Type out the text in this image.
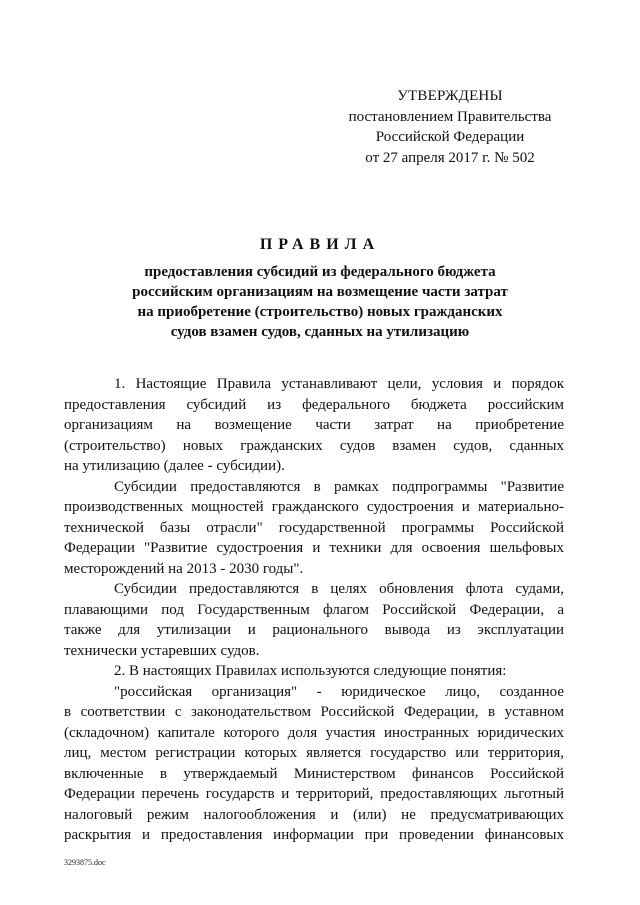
УТВЕРЖДЕНЫ
постановлением Правительства
Российской Федерации
от 27 апреля 2017 г. № 502
ПРАВИЛА
предоставления субсидий из федерального бюджета
российским организациям на возмещение части затрат
на приобретение (строительство) новых гражданских
судов взамен судов, сданных на утилизацию
1. Настоящие Правила устанавливают цели, условия и порядок
предоставления субсидий из федерального бюджета российским
организациям на возмещение части затрат на приобретение
(строительство) новых гражданских судов взамен судов, сданных
на утилизацию (далее - субсидии).
Субсидии предоставляются в рамках подпрограммы "Развитие
производственных мощностей гражданского судостроения и материально-
технической базы отрасли" государственной программы Российской
Федерации "Развитие судостроения и техники для освоения шельфовых
месторождений на 2013 - 2030 годы".
Субсидии предоставляются в целях обновления флота судами,
плавающими под Государственным флагом Российской Федерации, а
также для утилизации и рационального вывода из эксплуатации
технически устаревших судов.
2. В настоящих Правилах используются следующие понятия:
"российская организация" - юридическое лицо, созданное
в соответствии с законодательством Российской Федерации, в уставном
(складочном) капитале которого доля участия иностранных юридических
лиц, местом регистрации которых является государство или территория,
включенные в утверждаемый Министерством финансов Российской
Федерации перечень государств и территорий, предоставляющих льготный
налоговый режим налогообложения и (или) не предусматривающих
раскрытия и предоставления информации при проведении финансовых
3293875.doc
